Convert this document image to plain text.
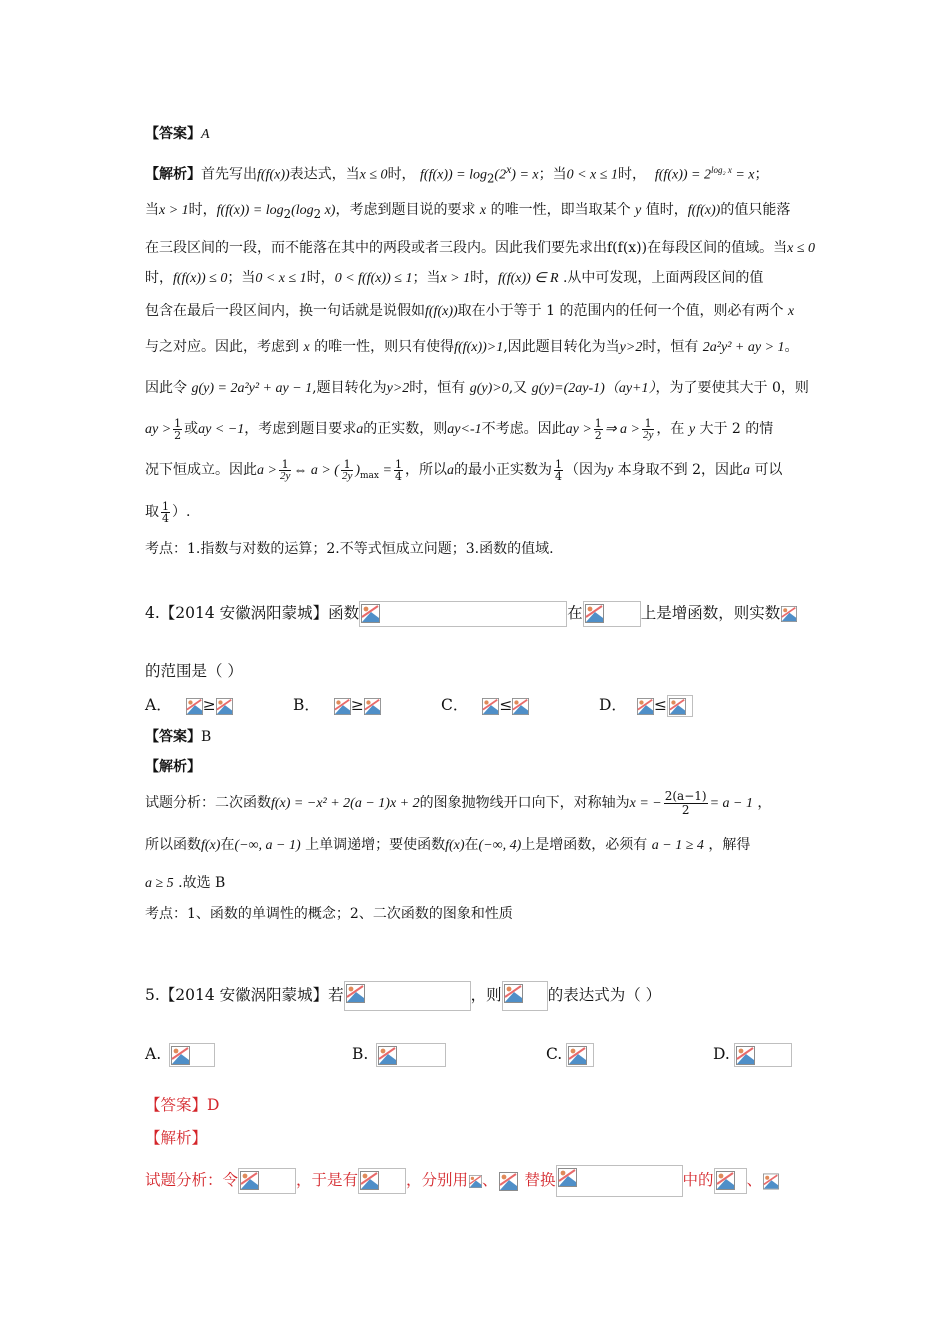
【答案】A
【解析】首先写出f(f(x))表达式，当x ≤ 0时， $f(f(x)) = \log_2(2^x) = x$；当0 < x ≤ 1时， $f(f(x)) = 2^{log_2 x} = x$；
当x > 1时，$f(f(x)) = \log_2(\log_2$ x)，考虑到题目说的要求 x 的唯一性，即当取某个 y 值时，f(f(x))的值只能落
在三段区间的一段，而不能落在其中的两段或者三段内。因此我们要先求出f(f(x))在每段区间的值域。当x ≤ 0
时，f(f(x)) ≤ 0；当0 < x ≤ 1时，0 < f(f(x)) ≤ 1；当x > 1时，f(f(x)) ∈ R .从中可发现，上面两段区间的值
包含在最后一段区间内，换一句话就是说假如f(f(x))取在小于等于 1 的范围内的任何一个值，则必有两个 x
与之对应。因此，考虑到 x 的唯一性，则只有使得f(f(x))>1,因此题目转化为当y>2时，恒有 2a²y² + ay > 1。
因此令 g(y) = 2a²y² + ay − 1,题目转化为y>2时，恒有 g(y)>0,又 g(y)=(2ay-1)（ay+1），为了要使其大于 0，则
ay > $\frac{1}{2}$ 或ay < −1，考虑到题目要求a的正实数，则ay<-1不考虑。因此ay > $\frac{1}{2}$ ⇒ $a > \frac{1}{2y}$ ，在 y 大于 2 的情
况下恒成立。因此$a > \frac{1}{2y}$ ⇔ a > ( $\frac{1}{2y} )_{max} = \frac{1}{4}$ ，所以a的最小正实数为 $\frac{1}{4}$ （因为y 本身取不到 2，因此a 可以
取 $\frac{1}{4}$ ）.
考点：1.指数与对数的运算；2.不等式恒成立问题；3.函数的值域.
4.【2014 安徽涡阳蒙城】函数	在	上是增函数，则实数
的范围是（ ）
A． ≥	B． ≥	C． ≤	D． ≤
【答案】B
【解析】
试题分析：二次函数f(x) = −x² + 2(a − 1)x + 2的图象抛物线开口向下，对称轴为x = − $\frac{2(a-1)}{2} = a - 1$ ，
所以函数f(x)在(−∞, a − 1) 上单调递增；要使函数f(x)在(−∞, 4)上是增函数，必须有 a − 1 ≥ 4 ，解得
a ≥ 5 .故选 B
考点：1、函数的单调性的概念；2、二次函数的图象和性质
5.【2014 安徽涡阳蒙城】若	，则	的表达式为（ ）
A.	B.	C.	D.
【答案】D
【解析】
试题分析：令	，于是有	，分别用 、 替换	中的 、
